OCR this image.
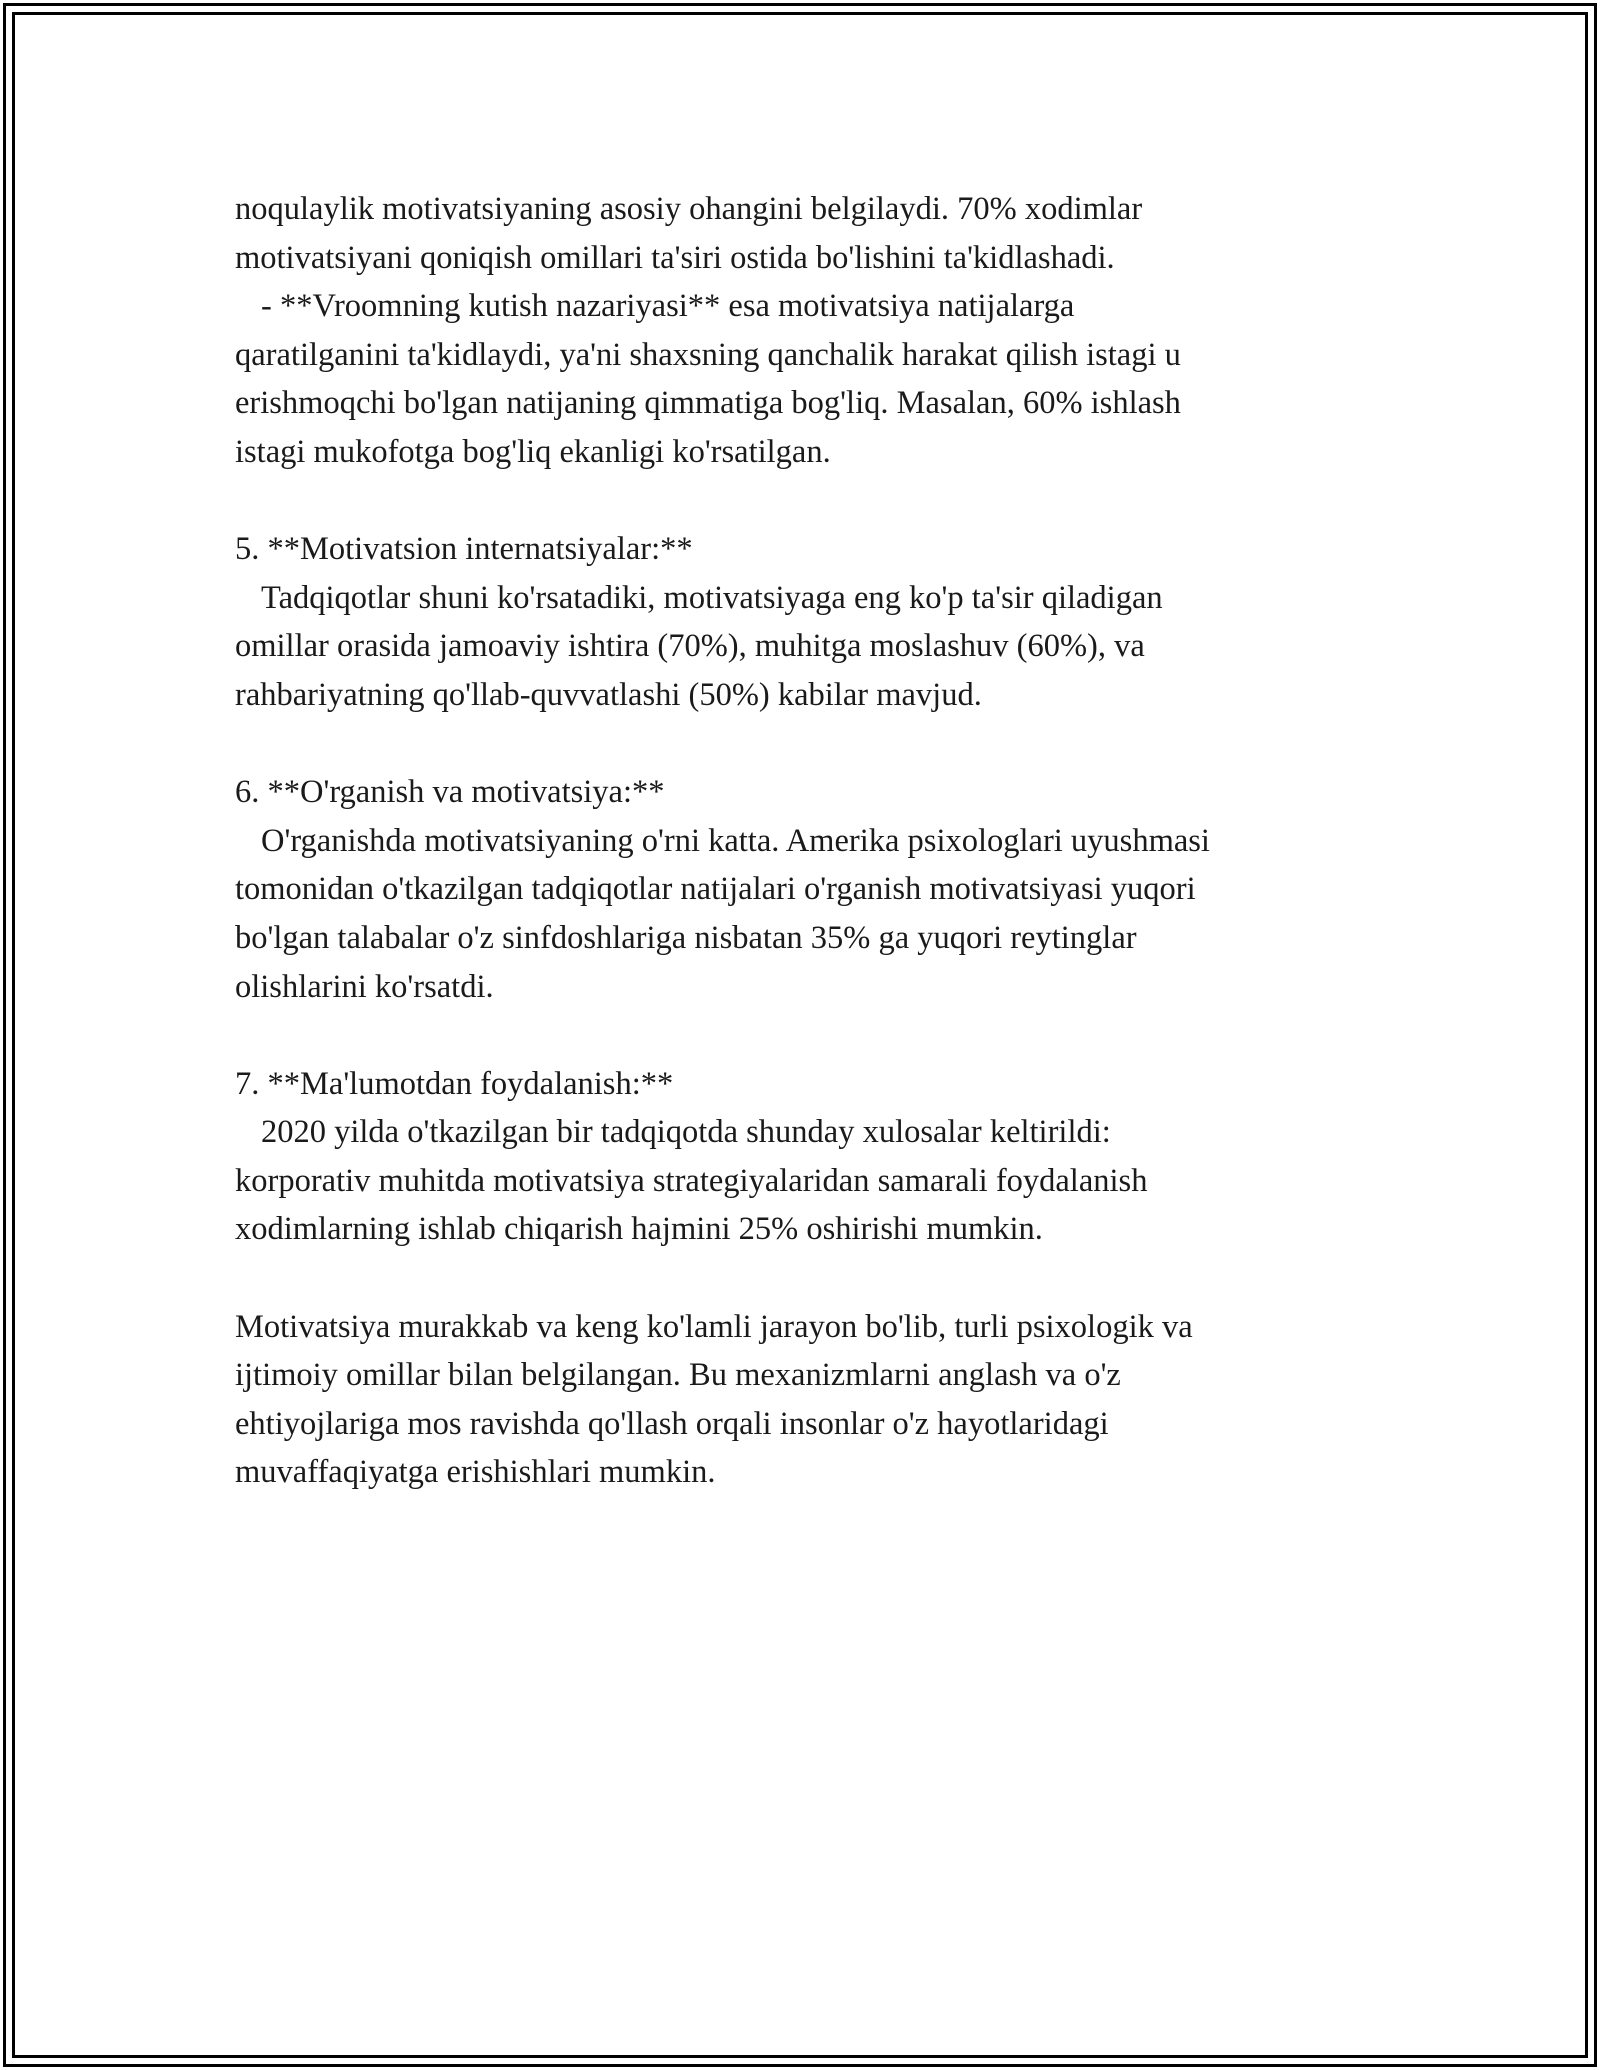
noqulaylik motivatsiyaning asosiy ohangini belgilaydi. 70% xodimlar
motivatsiyani qoniqish omillari ta'siri ostida bo'lishini ta'kidlashadi.
- **Vroomning kutish nazariyasi** esa motivatsiya natijalarga
qaratilganini ta'kidlaydi, ya'ni shaxsning qanchalik harakat qilish istagi u
erishmoqchi bo'lgan natijaning qimmatiga bog'liq. Masalan, 60% ishlash
istagi mukofotga bog'liq ekanligi ko'rsatilgan.
5. **Motivatsion internatsiyalar:**
Tadqiqotlar shuni ko'rsatadiki, motivatsiyaga eng ko'p ta'sir qiladigan
omillar orasida jamoaviy ishtira (70%), muhitga moslashuv (60%), va
rahbariyatning qo'llab-quvvatlashi (50%) kabilar mavjud.
6. **O'rganish va motivatsiya:**
O'rganishda motivatsiyaning o'rni katta. Amerika psixologlari uyushmasi
tomonidan o'tkazilgan tadqiqotlar natijalari o'rganish motivatsiyasi yuqori
bo'lgan talabalar o'z sinfdoshlariga nisbatan 35% ga yuqori reytinglar
olishlarini ko'rsatdi.
7. **Ma'lumotdan foydalanish:**
2020 yilda o'tkazilgan bir tadqiqotda shunday xulosalar keltirildi:
korporativ muhitda motivatsiya strategiyalaridan samarali foydalanish
xodimlarning ishlab chiqarish hajmini 25% oshirishi mumkin.
Motivatsiya murakkab va keng ko'lamli jarayon bo'lib, turli psixologik va
ijtimoiy omillar bilan belgilangan. Bu mexanizmlarni anglash va o'z
ehtiyojlariga mos ravishda qo'llash orqali insonlar o'z hayotlaridagi
muvaffaqiyatga erishishlari mumkin.
